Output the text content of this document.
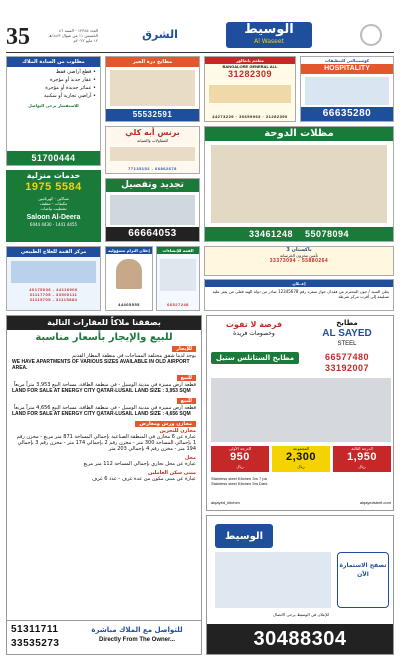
35	العدد ١٢٣٤٥ - السنة ٤٦
الخميس ١١ من شوال ١٤٤٣هـ
١٢ مايو ٢٠٢٢م	الشرق	الوسيط
Al Waseet
مطلوب من السادة الملاك
• قطع أراضي فقط
• عقار جديد أو مؤجرة
• عمائر جديدة أو مؤجرة
• أراضي تجارية أو سكنية
للاستفسار يرجى التواصل
51700444
خدمات منزلية
5584 1975
سباكين - كهربائيين
مكيفات - تنظيف
تشطيب بياضات
Saloon Al-Deera
4455 1441 · 4430 6044
مركز القمة للعلاج الطبيعي
44116906 - 40175036
33500111 - 31117705
31115884 - 31115705
مطابخ درة الخير
55532591
برنس أبه كلي
للمقاولات والصيانة
66862678 - 77135152
تجديد وتفصيل
66664053
إعلان التزام مسؤولية
44405555
القمة للإنشاءات
66527248
مطعم بانغالور
BANGALORE GENERAL ALL
31282309
21282390 · 30659963 · 44273229
كوسيبتالتي للتنظيفات
HOSPITALITY
66635280
مظلات الدوحة
55078094    33461248
باكستان 3
تأمين مخزون الخرسانة
55880264 - 33373094
إعــلان
يعلن السيد / جون المحترم عن فقدان جواز سفره رقم 12345678 صادر من دولة الهند فعلى من يعثر عليه تسليمه إلى أقرب مركز شرطة
بصفقنا ملاكاً للعقارات التالية
للبيع والإيجار بأسعار مناسبة
للإيجار
يوجد لدينا شقق مختلفة المساحات في منطقة المطار القديم
WE HAVE APARTMENTS OF VARIOUS SIZES AVAILABLE IN OLD AIRPORT AREA.
للبيع
قطعة أرض مميزة في مدينة الوسيل - في منطقة الطاقة، مساحة البيع 3,953 متراً مربعاً
LAND FOR SALE AT ENERGY CITY QATAR-LUSAIL LAND SIZE : 3,953 SQM
للبيع
قطعة أرض مميزة في مدينة الوسيل - في منطقة الطاقة، مساحة البيع 4,656 متراً مربعاً
LAND FOR SALE AT ENERGY CITY QATAR-LUSAIL LAND SIZE : 4,656 SQM
مخازن ورش ومعارض
مخازن للتخزين
عبارة عن 6 مخازن في المنطقة الصناعية بإجمالي المساحة 871 متر مربع - مخزن رقم 1 بإجمالي المساحة 300 متر - مخزن رقم 2 بإجمالي 174 متر - مخزن رقم 3 بإجمالي 194 متر - مخزن رقم 4 بإجمالي 203 متر
محل
عبارة عن محل تجاري بإجمالي المساحة 112 متر مربع
مبنى سكن العاملين
عبارة عن مبنى مكون من عدة غرف - عدد 6 غرف
51311711
33535273
للتواصل مع الملاك مباشرة
Directly From The Owner...
فرصة لا تفوت
وخصومات فريدة
مطابخ
AL SAYED
STEEL
66577480
33192007
مطابخ الستانلس ستيل
الدرجة الأولى
950
ريال
المجموعة
2,300
ريال
الدرجة الثالثة
1,950
ريال
Stainless steel Kitchen 3m 7 pa
Stainless steel Kitchen 5m Dark
alqayed_kitchen	alqayedsteel.com
الوسيط
تصفح الاستمارة الآن
للإعلان في الوسيط يرجى الاتصال
30488304
